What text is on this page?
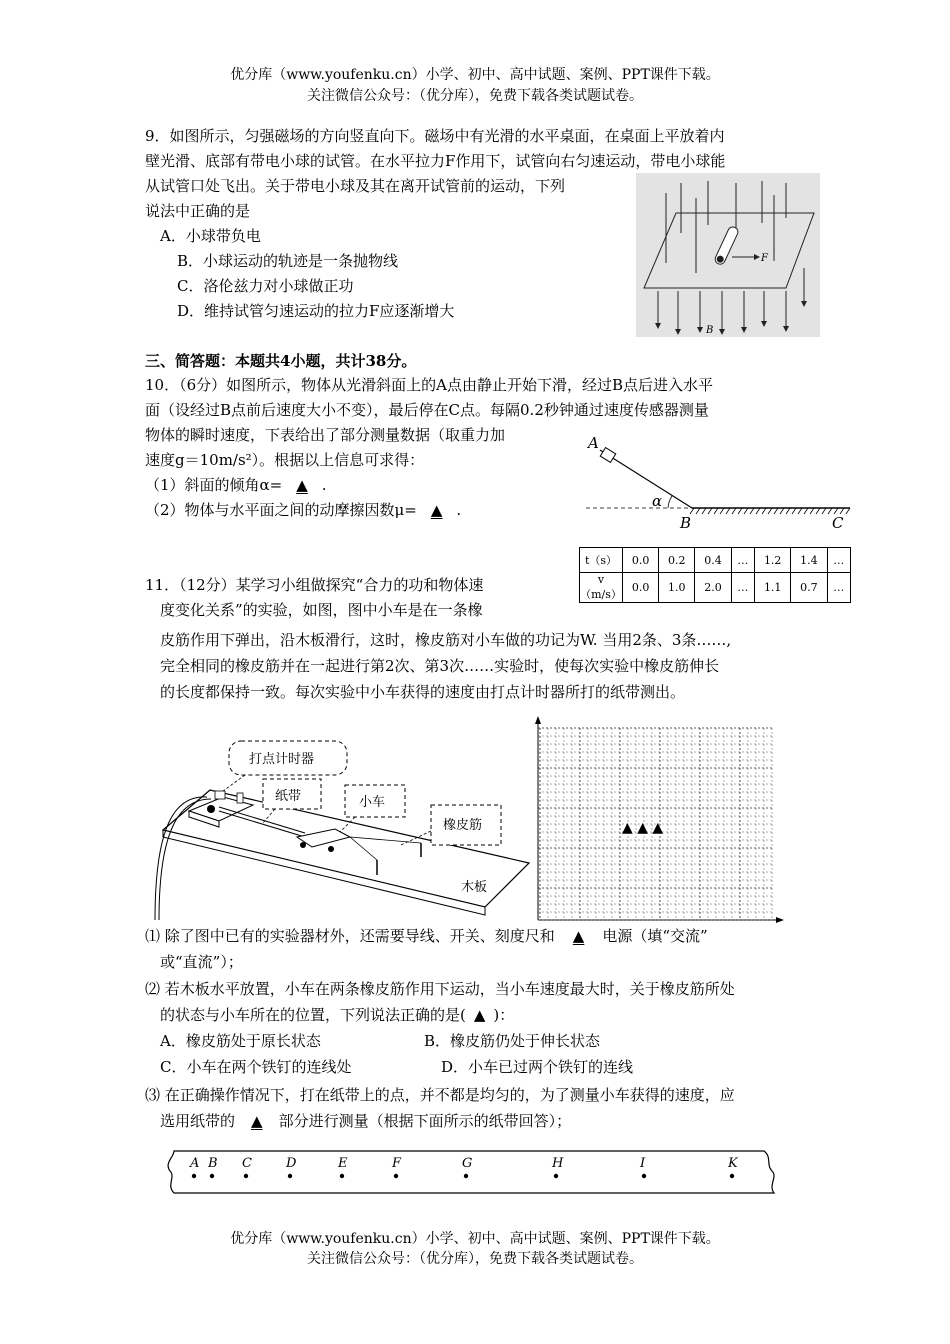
优分库（www.youfenku.cn）小学、初中、高中试题、案例、PPT课件下载。
关注微信公众号：（优分库），免费下载各类试题试卷。
9．如图所示，匀强磁场的方向竖直向下。磁场中有光滑的水平桌面，在桌面上平放着内
壁光滑、底部有带电小球的试管。在水平拉力F作用下，试管向右匀速运动，带电小球能
从试管口处飞出。关于带电小球及其在离开试管前的运动，下列
说法中正确的是
A．小球带负电
B．小球运动的轨迹是一条抛物线
C．洛伦兹力对小球做正功
D．维持试管匀速运动的拉力F应逐渐增大
F
B
三、简答题：本题共4小题，共计38分。
10．（6分）如图所示，物体从光滑斜面上的A点由静止开始下滑，经过B点后进入水平
面（设经过B点前后速度大小不变），最后停在C点。每隔0.2秒钟通过速度传感器测量
物体的瞬时速度，下表给出了部分测量数据（取重力加
速度g＝10m/s²）。根据以上信息可求得：
（1）斜面的倾角α= ▲ .
（2）物体与水平面之间的动摩擦因数μ= ▲ .
A
α
B	C
t（s）	0.0	0.2	0.4	…	1.2	1.4	…
v（m/s）	0.0	1.0	2.0	…	1.1	0.7	…
11．（12分）某学习小组做探究“合力的功和物体速
度变化关系”的实验，如图，图中小车是在一条橡
皮筋作用下弹出，沿木板滑行，这时，橡皮筋对小车做的功记为W. 当用2条、3条……,
完全相同的橡皮筋并在一起进行第2次、第3次……实验时，使每次实验中橡皮筋伸长
的长度都保持一致。每次实验中小车获得的速度由打点计时器所打的纸带测出。
打点计时器
纸带	小车
橡皮筋
木板
▲ ▲ ▲
⑴ 除了图中已有的实验器材外，还需要导线、开关、刻度尺和 ▲ 电源（填“交流”
或“直流”）；
⑵ 若木板水平放置，小车在两条橡皮筋作用下运动，当小车速度最大时，关于橡皮筋所处
的状态与小车所在的位置，下列说法正确的是( ▲ )：
A．橡皮筋处于原长状态	B．橡皮筋仍处于伸长状态
C．小车在两个铁钉的连线处	D．小车已过两个铁钉的连线
⑶ 在正确操作情况下，打在纸带上的点，并不都是均匀的，为了测量小车获得的速度，应
选用纸带的 ▲ 部分进行测量（根据下面所示的纸带回答）；
A B C	D	E	F	G	H	I	K
优分库（www.youfenku.cn）小学、初中、高中试题、案例、PPT课件下载。
关注微信公众号：（优分库），免费下载各类试题试卷。
